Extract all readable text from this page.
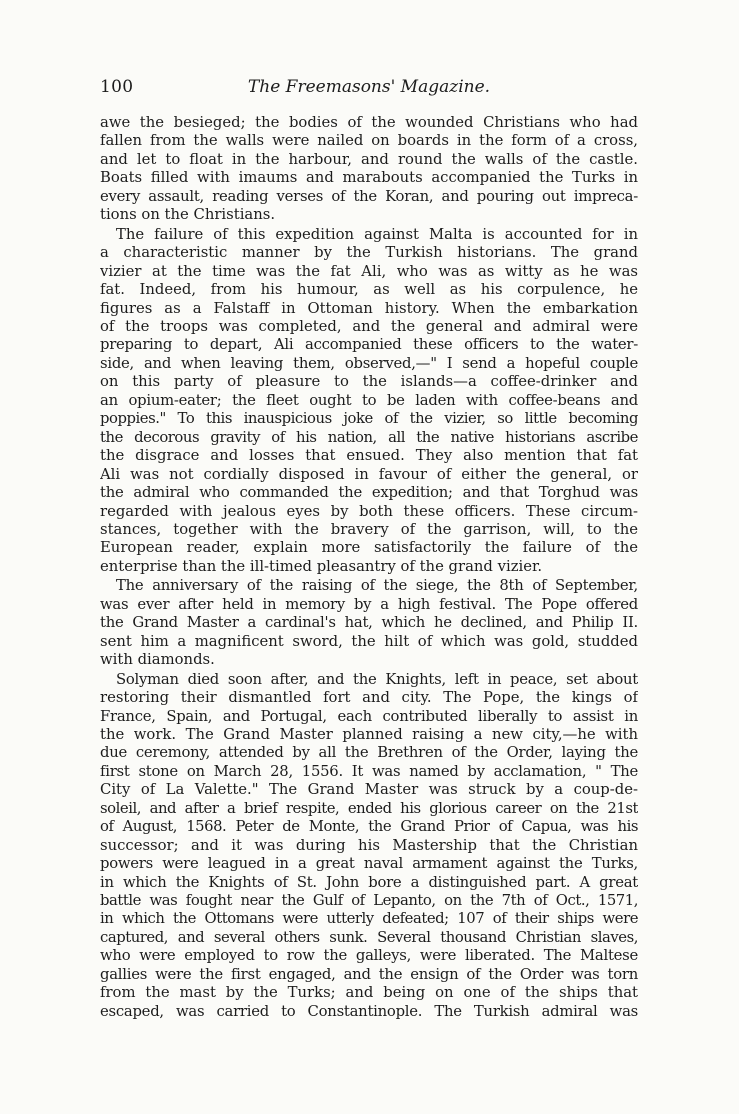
100	The Freemasons' Magazine.

awe the besieged; the bodies of the wounded Christians who had
fallen from the walls were nailed on boards in the form of a cross,
and let to float in the harbour, and round the walls of the castle.
Boats filled with imaums and marabouts accompanied the Turks in
every assault, reading verses of the Koran, and pouring out impreca-
tions on the Christians.

The failure of this expedition against Malta is accounted for in
a characteristic manner by the Turkish historians. The grand
vizier at the time was the fat Ali, who was as witty as he was
fat. Indeed, from his humour, as well as his corpulence, he
figures as a Falstaff in Ottoman history. When the embarkation
of the troops was completed, and the general and admiral were
preparing to depart, Ali accompanied these officers to the water-
side, and when leaving them, observed,—" I send a hopeful couple
on this party of pleasure to the islands—a coffee-drinker and
an opium-eater; the fleet ought to be laden with coffee-beans and
poppies." To this inauspicious joke of the vizier, so little becoming
the decorous gravity of his nation, all the native historians ascribe
the disgrace and losses that ensued. They also mention that fat
Ali was not cordially disposed in favour of either the general, or
the admiral who commanded the expedition; and that Torghud was
regarded with jealous eyes by both these officers. These circum-
stances, together with the bravery of the garrison, will, to the
European reader, explain more satisfactorily the failure of the
enterprise than the ill-timed pleasantry of the grand vizier.

The anniversary of the raising of the siege, the 8th of September,
was ever after held in memory by a high festival. The Pope offered
the Grand Master a cardinal's hat, which he declined, and Philip II.
sent him a magnificent sword, the hilt of which was gold, studded
with diamonds.

Solyman died soon after, and the Knights, left in peace, set about
restoring their dismantled fort and city. The Pope, the kings of
France, Spain, and Portugal, each contributed liberally to assist in
the work. The Grand Master planned raising a new city,—he with
due ceremony, attended by all the Brethren of the Order, laying the
first stone on March 28, 1556. It was named by acclamation, " The
City of La Valette." The Grand Master was struck by a coup-de-
soleil, and after a brief respite, ended his glorious career on the 21st
of August, 1568. Peter de Monte, the Grand Prior of Capua, was his
successor; and it was during his Mastership that the Christian
powers were leagued in a great naval armament against the Turks,
in which the Knights of St. John bore a distinguished part. A great
battle was fought near the Gulf of Lepanto, on the 7th of Oct., 1571,
in which the Ottomans were utterly defeated; 107 of their ships were
captured, and several others sunk. Several thousand Christian slaves,
who were employed to row the galleys, were liberated. The Maltese
gallies were the first engaged, and the ensign of the Order was torn
from the mast by the Turks; and being on one of the ships that
escaped, was carried to Constantinople. The Turkish admiral was
